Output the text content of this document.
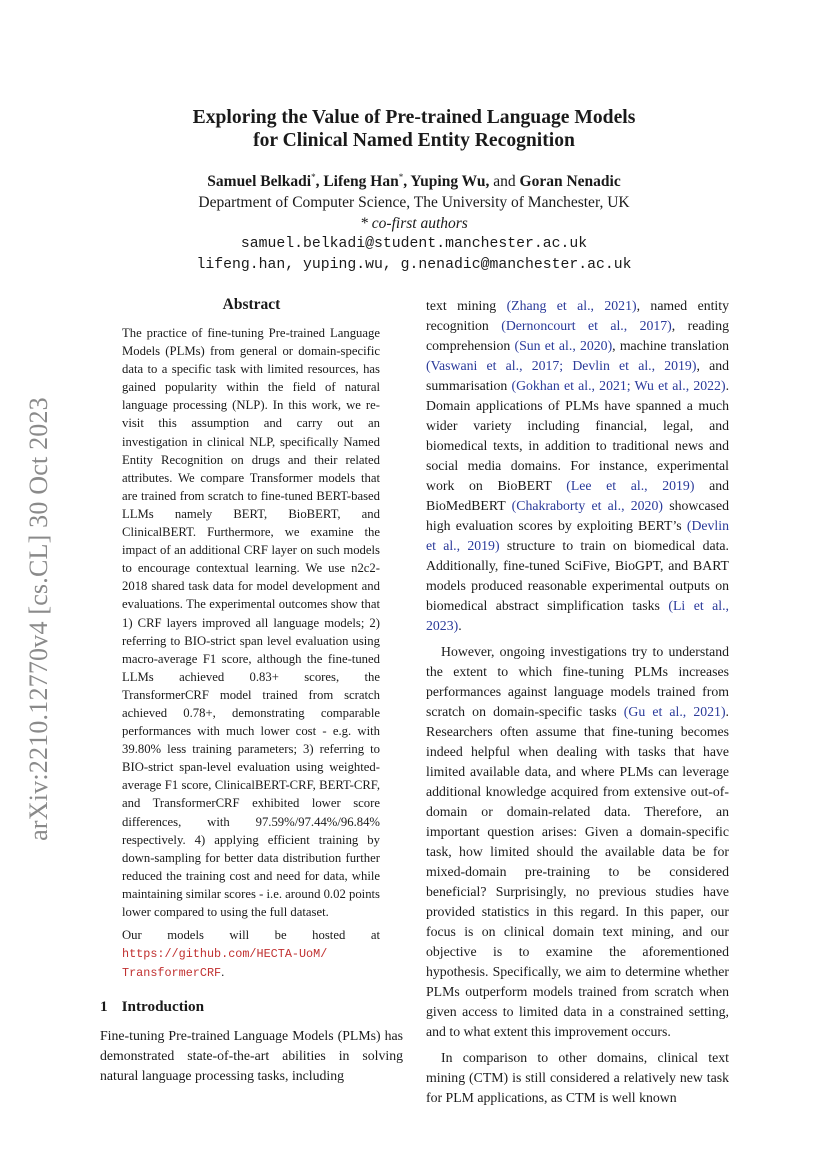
arXiv:2210.12770v4 [cs.CL] 30 Oct 2023
Exploring the Value of Pre-trained Language Models
for Clinical Named Entity Recognition
Samuel Belkadi*, Lifeng Han*, Yuping Wu, and Goran Nenadic
Department of Computer Science, The University of Manchester, UK
* co-first authors
samuel.belkadi@student.manchester.ac.uk
lifeng.han, yuping.wu, g.nenadic@manchester.ac.uk
Abstract

The practice of fine-tuning Pre-trained Language Models (PLMs) from general or domain-specific data to a specific task with limited resources, has gained popularity within the field of natural language processing (NLP). In this work, we re-visit this assumption and carry out an investigation in clinical NLP, specifically Named Entity Recognition on drugs and their related attributes. We compare Transformer models that are trained from scratch to fine-tuned BERT-based LLMs namely BERT, BioBERT, and ClinicalBERT. Furthermore, we examine the impact of an additional CRF layer on such models to encourage contextual learning. We use n2c2-2018 shared task data for model development and evaluations. The experimental outcomes show that 1) CRF layers improved all language models; 2) referring to BIO-strict span level evaluation using macro-average F1 score, although the fine-tuned LLMs achieved 0.83+ scores, the TransformerCRF model trained from scratch achieved 0.78+, demonstrating comparable performances with much lower cost - e.g. with 39.80% less training parameters; 3) referring to BIO-strict span-level evaluation using weighted-average F1 score, ClinicalBERT-CRF, BERT-CRF, and TransformerCRF exhibited lower score differences, with 97.59%/97.44%/96.84% respectively. 4) applying efficient training by down-sampling for better data distribution further reduced the training cost and need for data, while maintaining similar scores - i.e. around 0.02 points lower compared to using the full dataset.

Our models will be hosted at https://github.com/HECTA-UoM/
TransformerCRF.

1 Introduction

Fine-tuning Pre-trained Language Models (PLMs) has demonstrated state-of-the-art abilities in solving natural language processing tasks, including

text mining (Zhang et al., 2021), named entity recognition (Dernoncourt et al., 2017), reading comprehension (Sun et al., 2020), machine translation (Vaswani et al., 2017; Devlin et al., 2019), and summarisation (Gokhan et al., 2021; Wu et al., 2022). Domain applications of PLMs have spanned a much wider variety including financial, legal, and biomedical texts, in addition to traditional news and social media domains. For instance, experimental work on BioBERT (Lee et al., 2019) and BioMedBERT (Chakraborty et al., 2020) showcased high evaluation scores by exploiting BERT’s (Devlin et al., 2019) structure to train on biomedical data. Additionally, fine-tuned SciFive, BioGPT, and BART models produced reasonable experimental outputs on biomedical abstract simplification tasks (Li et al., 2023).

However, ongoing investigations try to understand the extent to which fine-tuning PLMs increases performances against language models trained from scratch on domain-specific tasks (Gu et al., 2021). Researchers often assume that fine-tuning becomes indeed helpful when dealing with tasks that have limited available data, and where PLMs can leverage additional knowledge acquired from extensive out-of-domain or domain-related data. Therefore, an important question arises: Given a domain-specific task, how limited should the available data be for mixed-domain pre-training to be considered beneficial? Surprisingly, no previous studies have provided statistics in this regard. In this paper, our focus is on clinical domain text mining, and our objective is to examine the aforementioned hypothesis. Specifically, we aim to determine whether PLMs outperform models trained from scratch when given access to limited data in a constrained setting, and to what extent this improvement occurs.

In comparison to other domains, clinical text mining (CTM) is still considered a relatively new task for PLM applications, as CTM is well known
